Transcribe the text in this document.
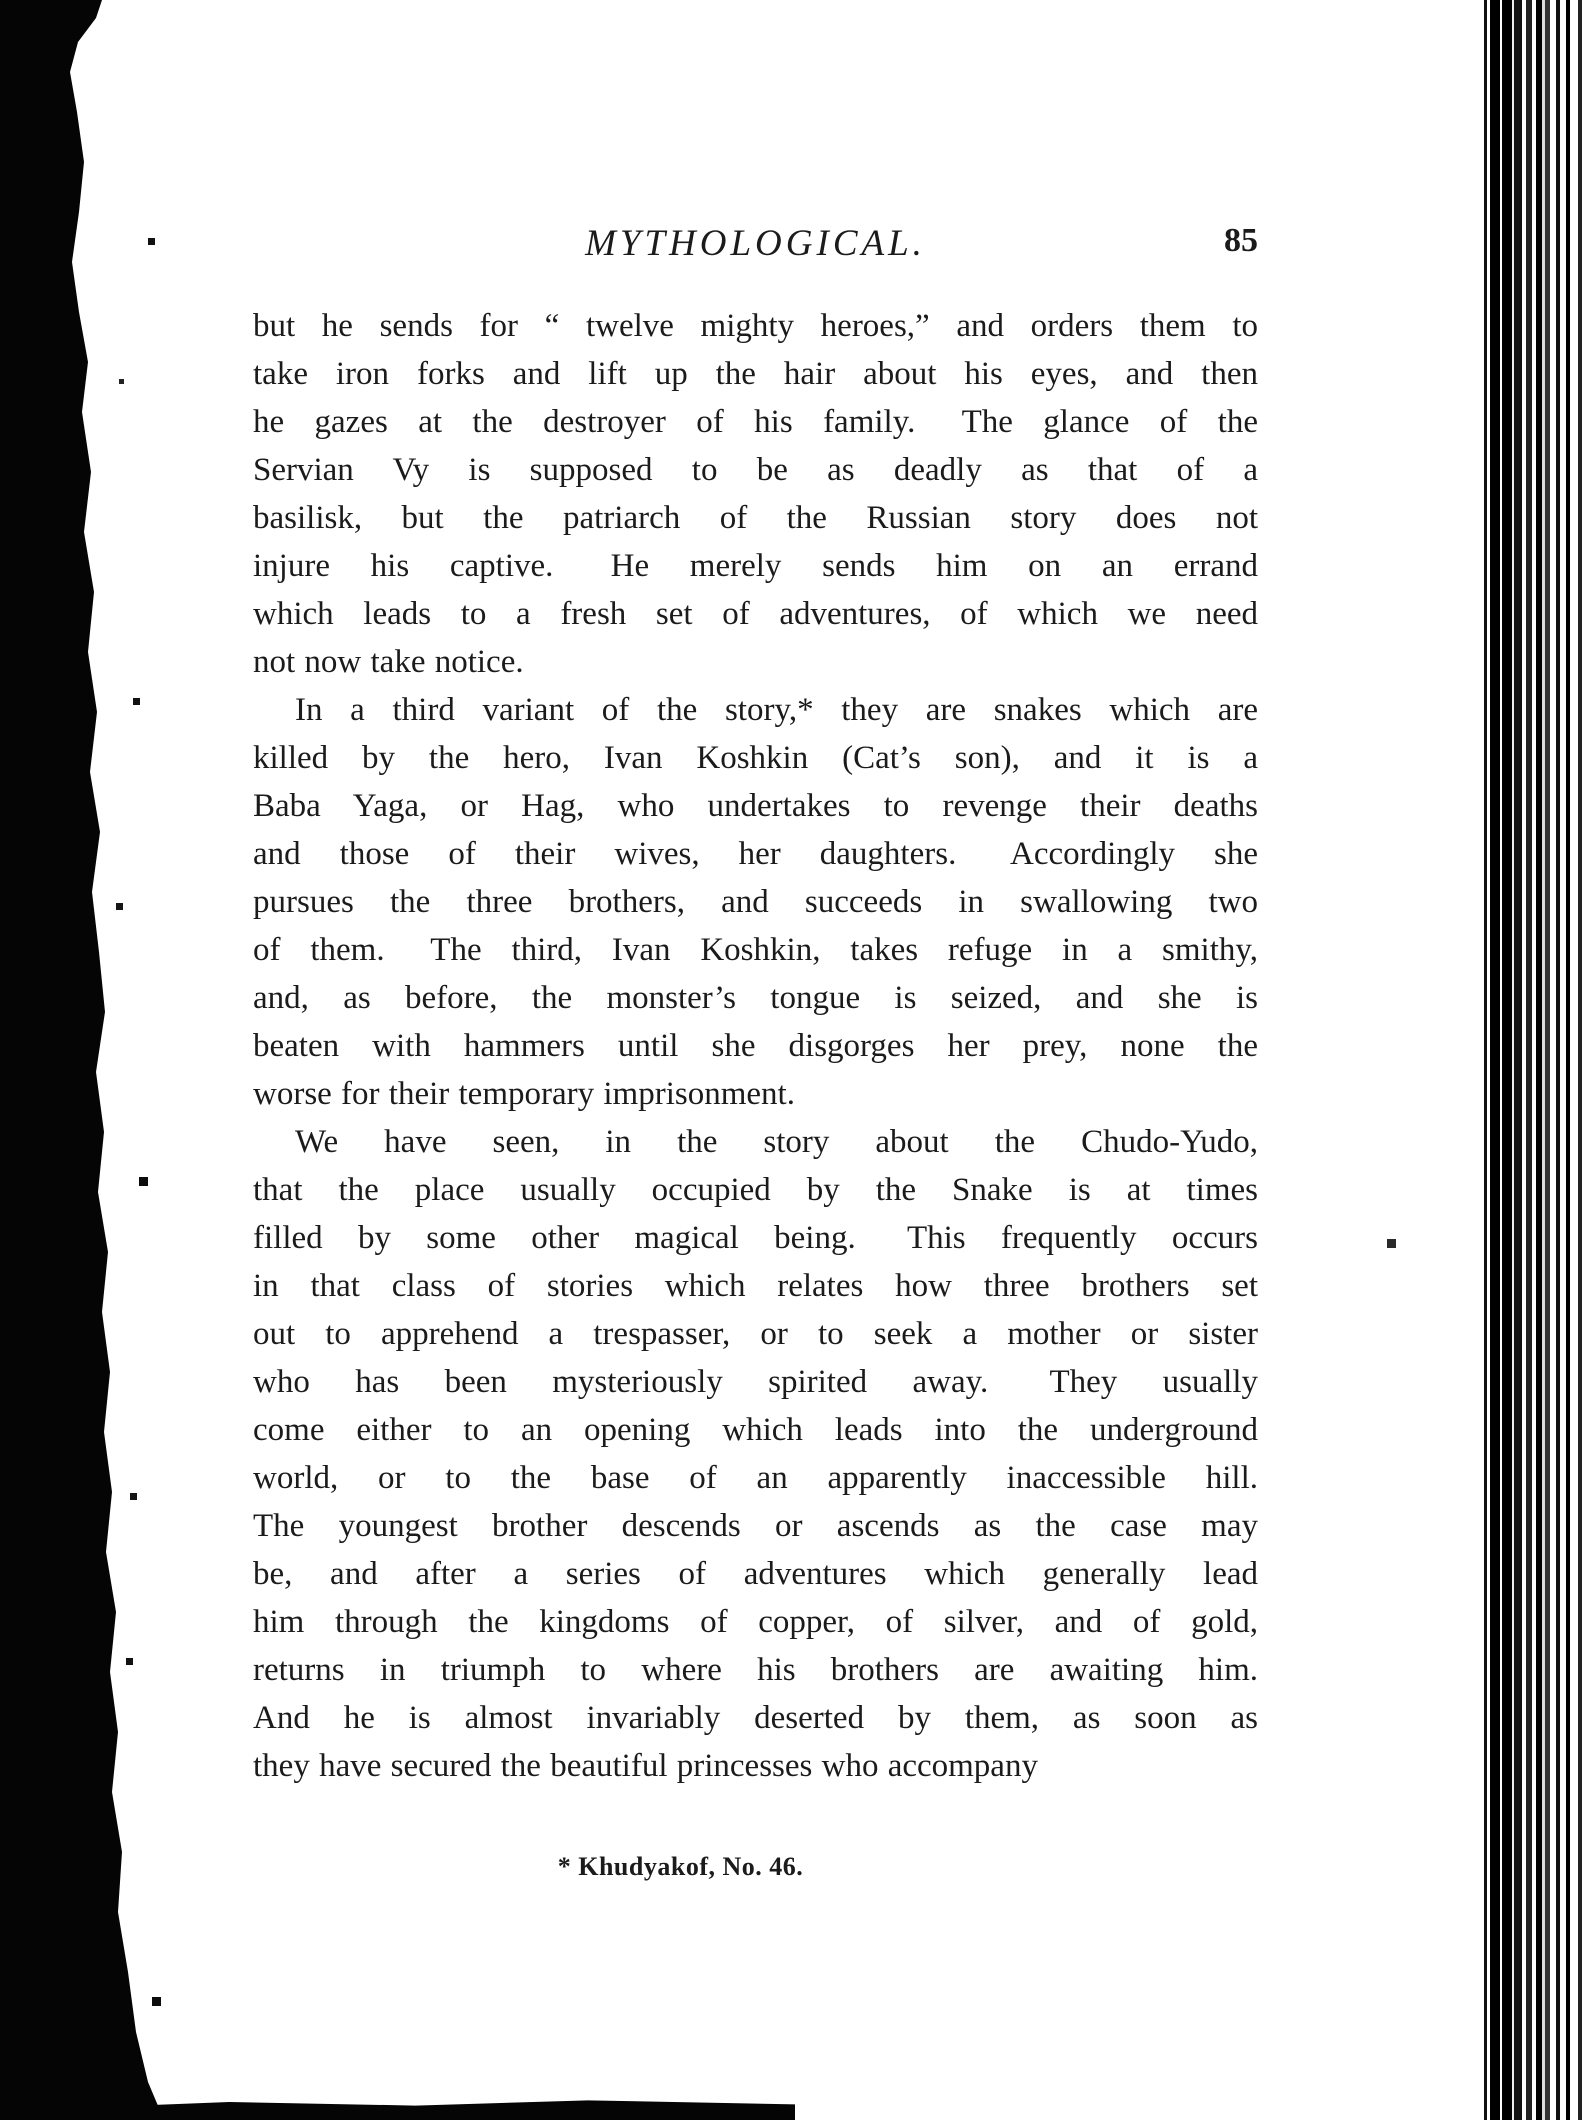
MYTHOLOGICAL.	85
but he sends for “ twelve mighty heroes,” and orders them to
take iron forks and lift up the hair about his eyes, and then
he gazes at the destroyer of his family.  The glance of the
Servian Vy is supposed to be as deadly as that of a
basilisk, but the patriarch of the Russian story does not
injure his captive.  He merely sends him on an errand
which leads to a fresh set of adventures, of which we need
not now take notice.
In a third variant of the story,* they are snakes which are
killed by the hero, Ivan Koshkin (Cat’s son), and it is a
Baba Yaga, or Hag, who undertakes to revenge their deaths
and those of their wives, her daughters.  Accordingly she
pursues the three brothers, and succeeds in swallowing two
of them.  The third, Ivan Koshkin, takes refuge in a smithy,
and, as before, the monster’s tongue is seized, and she is
beaten with hammers until she disgorges her prey, none the
worse for their temporary imprisonment.
We have seen, in the story about the Chudo-Yudo,
that the place usually occupied by the Snake is at times
filled by some other magical being.  This frequently occurs
in that class of stories which relates how three brothers set
out to apprehend a trespasser, or to seek a mother or sister
who has been mysteriously spirited away.  They usually
come either to an opening which leads into the underground
world, or to the base of an apparently inaccessible hill.
The youngest brother descends or ascends as the case may
be, and after a series of adventures which generally lead
him through the kingdoms of copper, of silver, and of gold,
returns in triumph to where his brothers are awaiting him.
And he is almost invariably deserted by them, as soon as
they have secured the beautiful princesses who accompany
* Khudyakof, No. 46.
